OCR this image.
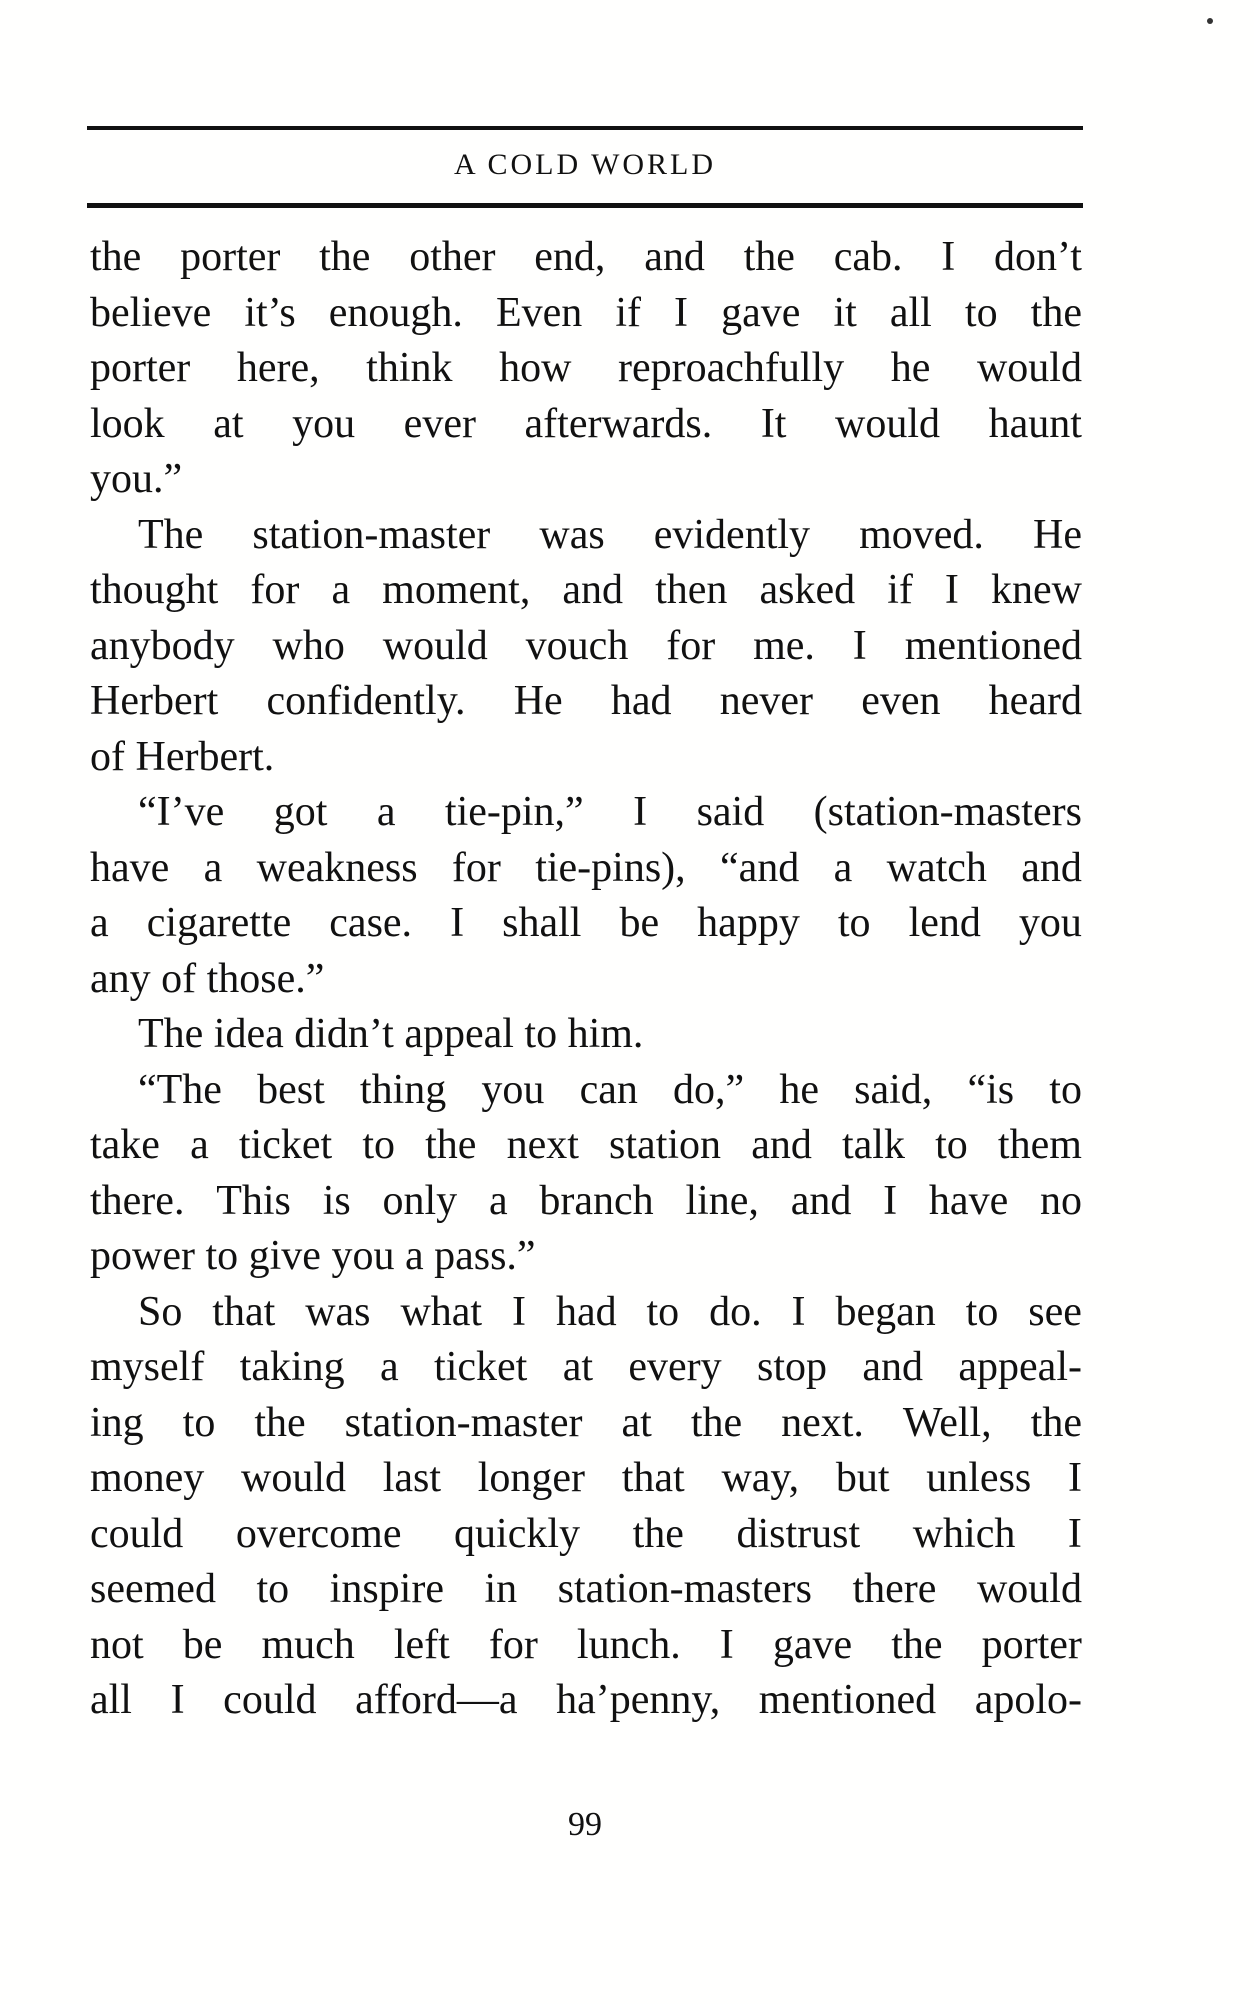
A COLD WORLD
the porter the other end, and the cab. I don’t
believe it’s enough. Even if I gave it all to the
porter here, think how reproachfully he would
look at you ever afterwards. It would haunt
you.”
The station-master was evidently moved. He
thought for a moment, and then asked if I knew
anybody who would vouch for me. I mentioned
Herbert confidently. He had never even heard
of Herbert.
“I’ve got a tie-pin,” I said (station-masters
have a weakness for tie-pins), “and a watch and
a cigarette case. I shall be happy to lend you
any of those.”
The idea didn’t appeal to him.
“The best thing you can do,” he said, “is to
take a ticket to the next station and talk to them
there. This is only a branch line, and I have no
power to give you a pass.”
So that was what I had to do. I began to see
myself taking a ticket at every stop and appeal-
ing to the station-master at the next. Well, the
money would last longer that way, but unless I
could overcome quickly the distrust which I
seemed to inspire in station-masters there would
not be much left for lunch. I gave the porter
all I could afford—a ha’penny, mentioned apolo-
99
